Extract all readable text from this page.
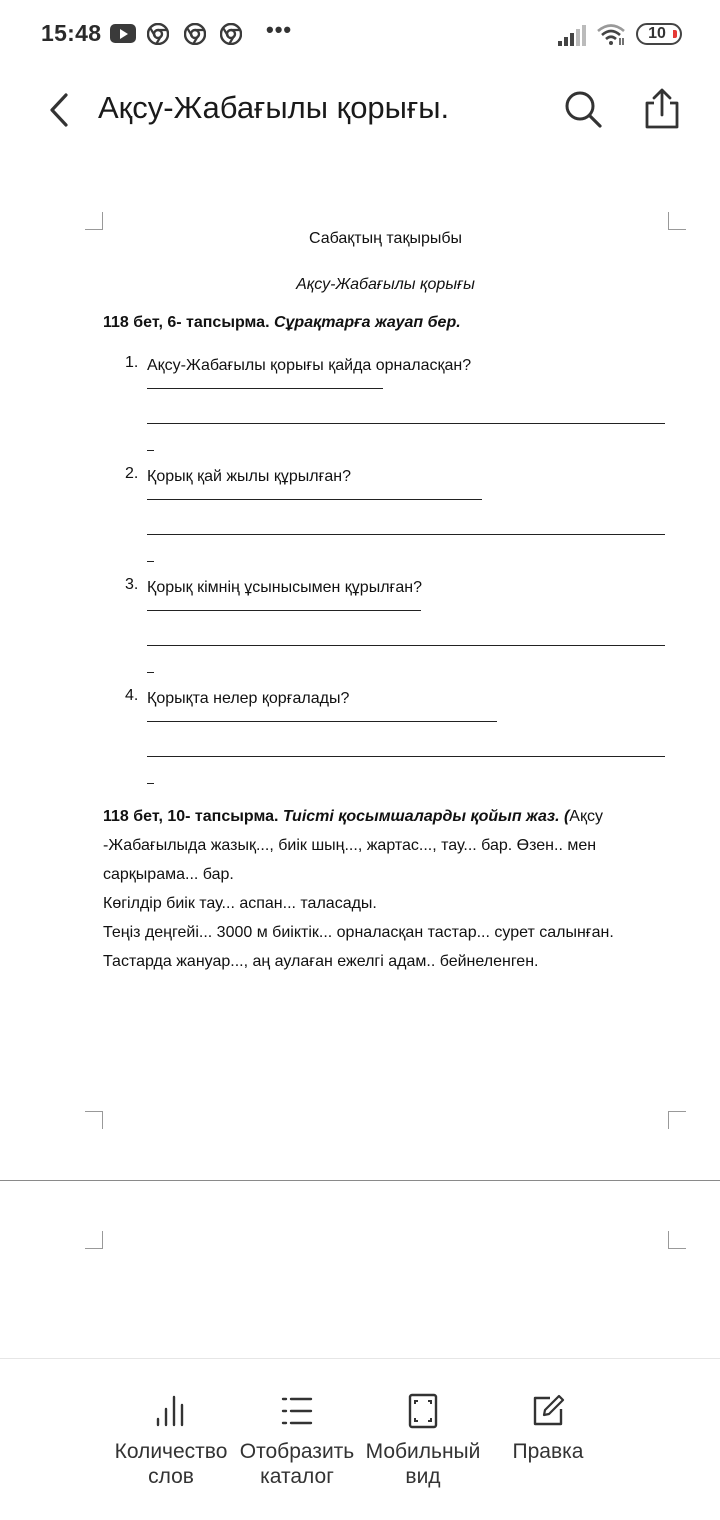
15:48	•••	10
Ақсу-Жабағылы қорығы.
Сабақтың тақырыбы
Ақсу-Жабағылы қорығы
118 бет, 6- тапсырма. Сұрақтарға жауап бер.
1. Ақсу-Жабағылы қорығы қайда орналасқан?
2. Қорық қай жылы құрылған?
3. Қорық кімнің ұсынысымен құрылған?
4. Қорықта нелер қорғалады?
118 бет, 10- тапсырма. Тиісті қосымшаларды қойып жаз. (Ақсу -Жабағылыда жазық..., биік шың..., жартас..., тау... бар. Өзен.. мен сарқырама... бар.
Көгілдір биік тау... аспан... таласады.
Теңіз деңгейі... 3000 м биіктік... орналасқан тастар... сурет салынған. Тастарда жануар..., аң аулаған ежелгі адам.. бейнеленген.
Количество слов
Отобразить каталог
Мобильный вид
Правка
